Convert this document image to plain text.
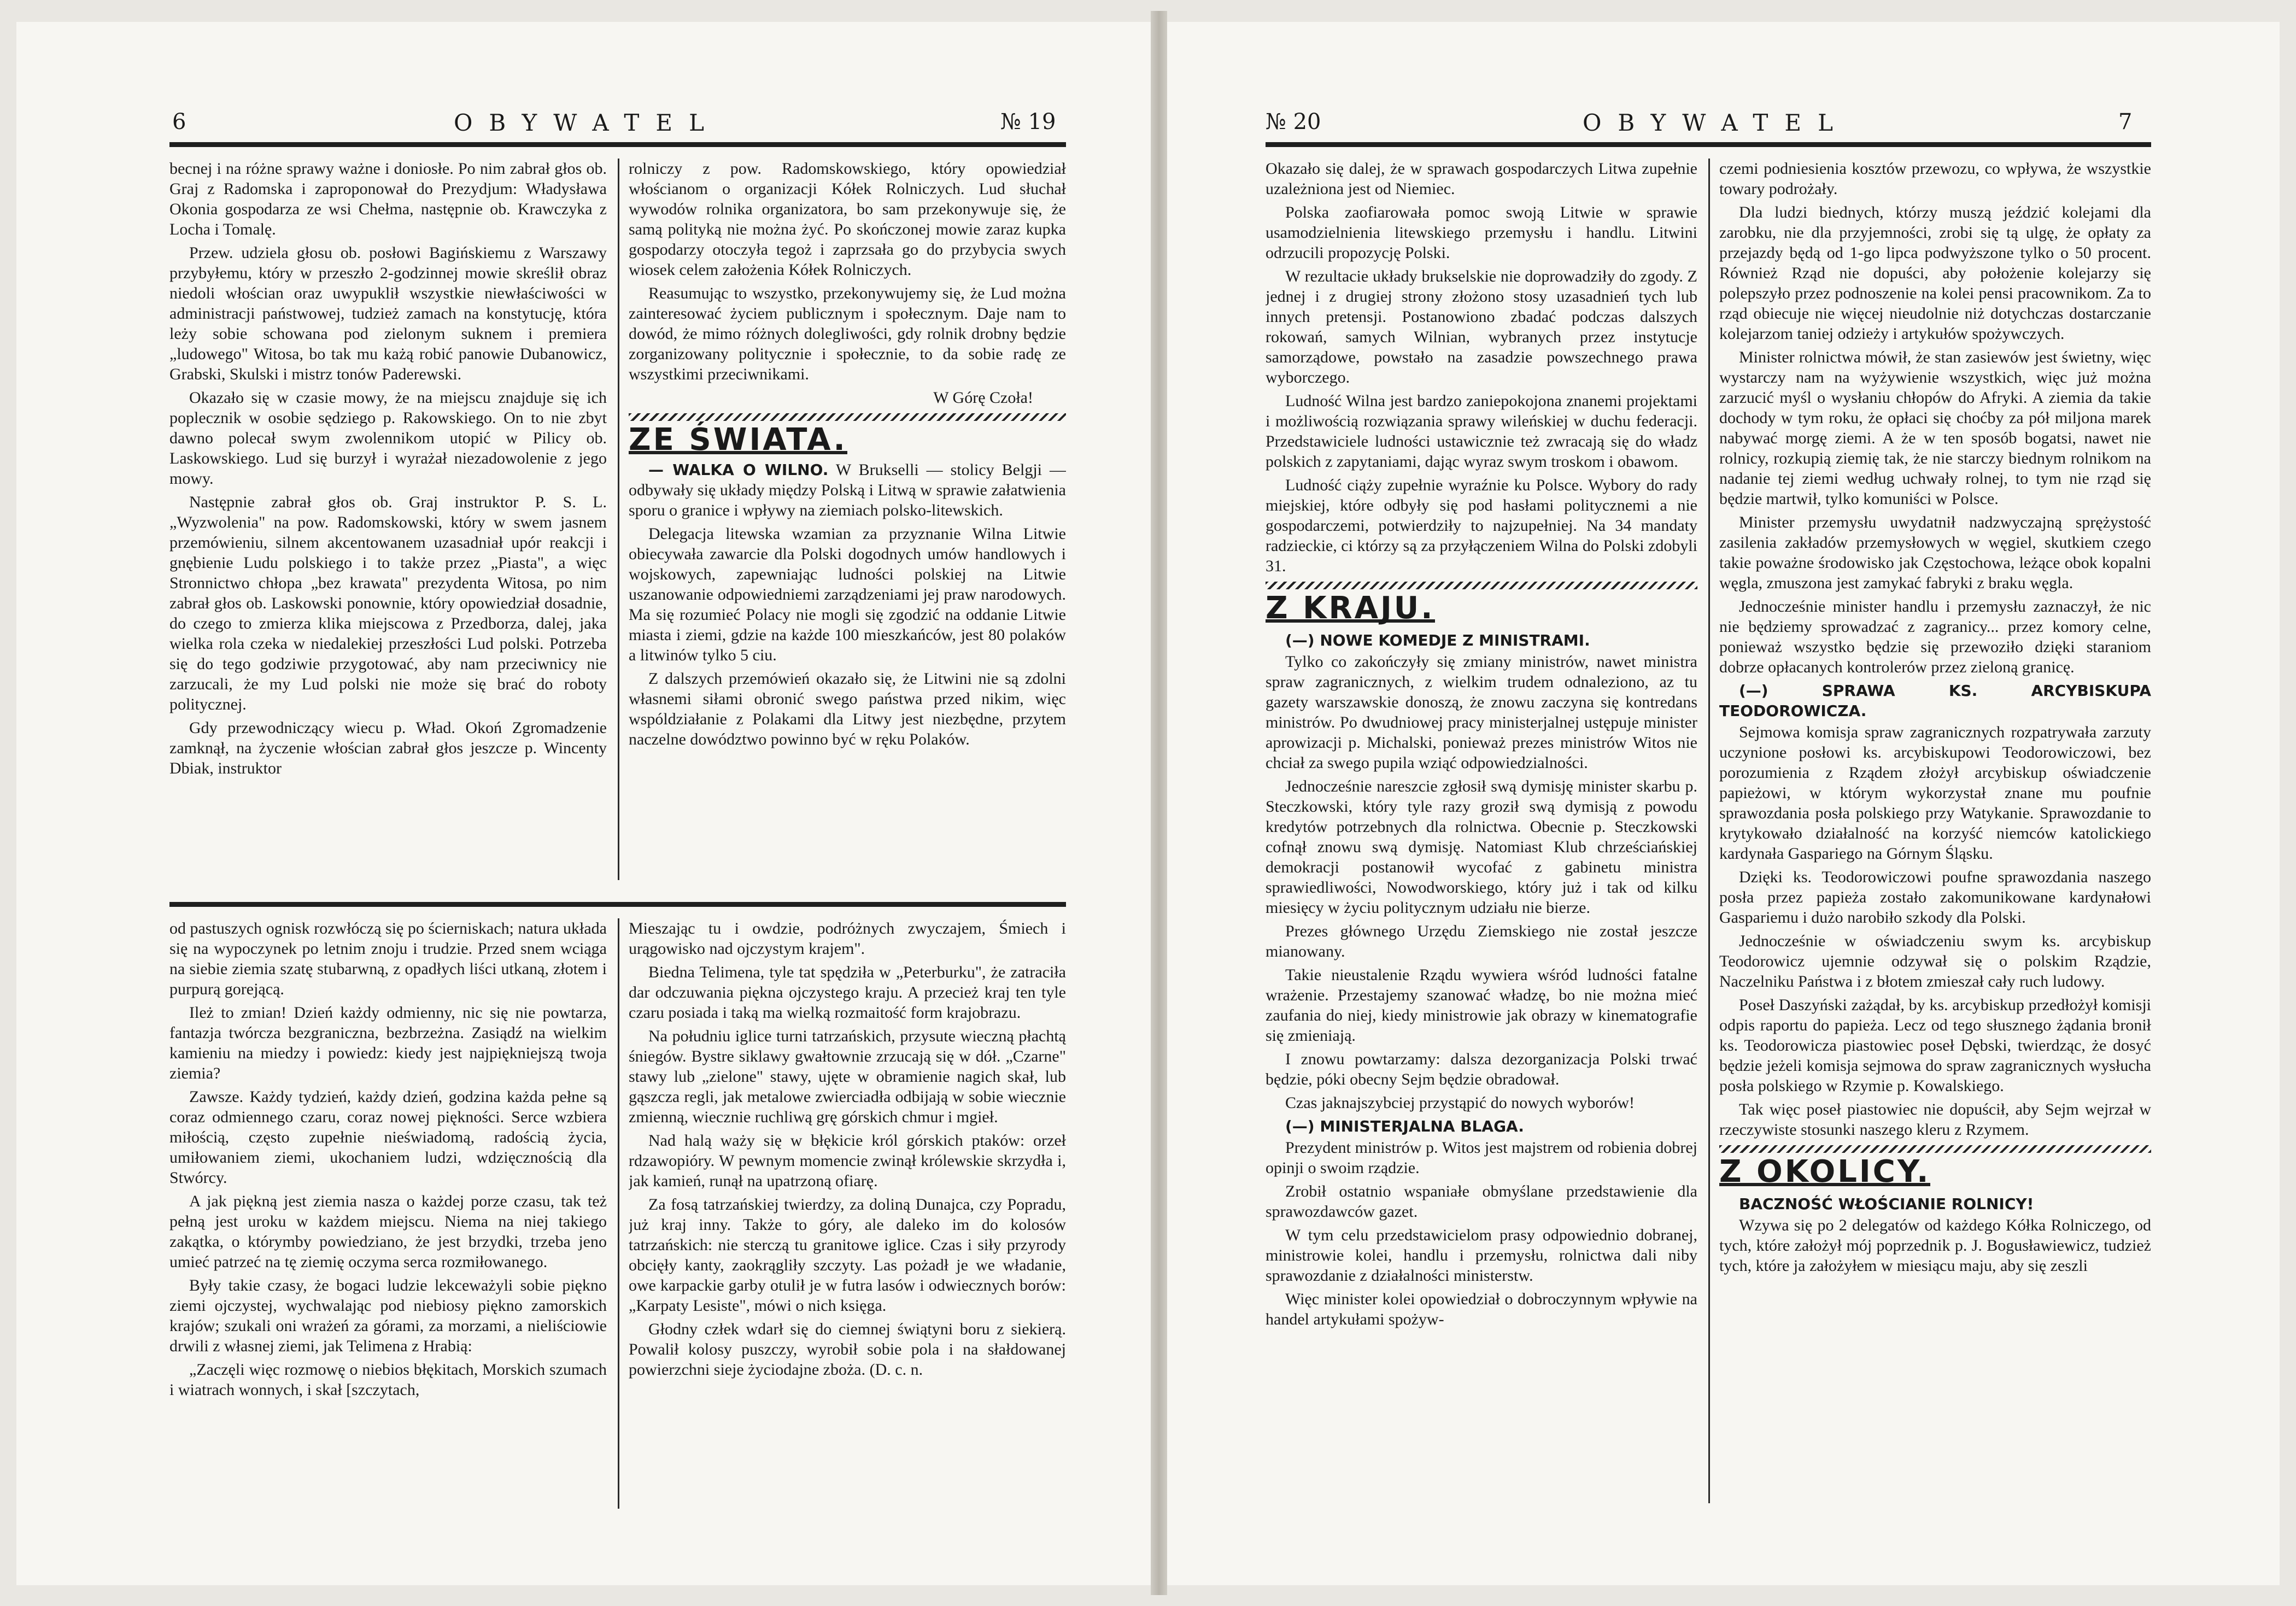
6	OBYWATEL	№ 19

becnej i na różne sprawy ważne i doniosłe. Po nim zabrał głos ob. Graj z Radomska i zaproponował do Prezydjum: Władysława Okonia gospodarza ze wsi Chełma, następnie ob. Krawczyka z Locha i Tomalę.

Przew. udziela głosu ob. posłowi Bagińskiemu z Warszawy przybyłemu, który w przeszło 2-godzinnej mowie skreślił obraz niedoli włościan oraz uwypuklił wszystkie niewłaściwości w administracji państwowej, tudzież zamach na konstytucję, która leży sobie schowana pod zielonym suknem i premiera „ludowego" Witosa, bo tak mu każą robić panowie Dubanowicz, Grabski, Skulski i mistrz tonów Paderewski.

Okazało się w czasie mowy, że na miejscu znajduje się ich poplecznik w osobie sędziego p. Rakowskiego. On to nie zbyt dawno polecał swym zwolennikom utopić w Pilicy ob. Laskowskiego. Lud się burzył i wyrażał niezadowolenie z jego mowy.

Następnie zabrał głos ob. Graj instruktor P. S. L. „Wyzwolenia" na pow. Radomskowski, który w swem jasnem przemówieniu, silnem akcentowanem uzasadniał upór reakcji i gnębienie Ludu polskiego i to także przez „Piasta", a więc Stronnictwo chłopa „bez krawata" prezydenta Witosa, po nim zabrał głos ob. Laskowski ponownie, który opowiedział dosadnie, do czego to zmierza klika miejscowa z Przedborza, dalej, jaka wielka rola czeka w niedalekiej przeszłości Lud polski. Potrzeba się do tego godziwie przygotować, aby nam przeciwnicy nie zarzucali, że my Lud polski nie może się brać do roboty politycznej.

Gdy przewodniczący wiecu p. Wład. Okoń Zgromadzenie zamknął, na życzenie włościan zabrał głos jeszcze p. Wincenty Dbiak, instruktor

rolniczy z pow. Radomskowskiego, który opowiedział włościanom o organizacji Kółek Rolniczych. Lud słuchał wywodów rolnika organizatora, bo sam przekonywuje się, że samą polityką nie można żyć. Po skończonej mowie zaraz kupka gospodarzy otoczyła tegoż i zaprzsała go do przybycia swych wiosek celem założenia Kółek Rolniczych.

Reasumując to wszystko, przekonywujemy się, że Lud można zainteresować życiem publicznym i społecznym. Daje nam to dowód, że mimo różnych dolegliwości, gdy rolnik drobny będzie zorganizowany politycznie i społecznie, to da sobie radę ze wszystkimi przeciwnikami.

W Górę Czoła!

ZE ŚWIATA.

— WALKA O WILNO. W Brukselli — stolicy Belgji — odbywały się układy między Polską i Litwą w sprawie załatwienia sporu o granice i wpływy na ziemiach polsko-litewskich.

Delegacja litewska wzamian za przyznanie Wilna Litwie obiecywała zawarcie dla Polski dogodnych umów handlowych i wojskowych, zapewniając ludności polskiej na Litwie uszanowanie odpowiedniemi zarządzeniami jej praw narodowych. Ma się rozumieć Polacy nie mogli się zgodzić na oddanie Litwie miasta i ziemi, gdzie na każde 100 mieszkańców, jest 80 polaków a litwinów tylko 5 ciu.

Z dalszych przemówień okazało się, że Litwini nie są zdolni własnemi siłami obronić swego państwa przed nikim, więc wspóldziałanie z Polakami dla Litwy jest niezbędne, przytem naczelne dowództwo powinno być w ręku Polaków.

od pastuszych ognisk rozwłóczą się po ścierniskach; natura układa się na wypoczynek po letnim znoju i trudzie. Przed snem wciąga na siebie ziemia szatę stubarwną, z opadłych liści utkaną, złotem i purpurą gorejącą.

Ileż to zmian! Dzień każdy odmienny, nic się nie powtarza, fantazja twórcza bezgraniczna, bezbrzeżna. Zasiądź na wielkim kamieniu na miedzy i powiedz: kiedy jest najpiękniejszą twoja ziemia?

Zawsze. Każdy tydzień, każdy dzień, godzina każda pełne są coraz odmiennego czaru, coraz nowej piękności. Serce wzbiera miłością, często zupełnie nieświadomą, radością życia, umiłowaniem ziemi, ukochaniem ludzi, wdzięcznością dla Stwórcy.

A jak piękną jest ziemia nasza o każdej porze czasu, tak też pełną jest uroku w każdem miejscu. Niema na niej takiego zakątka, o którymby powiedziano, że jest brzydki, trzeba jeno umieć patrzeć na tę ziemię oczyma serca rozmiłowanego.

Były takie czasy, że bogaci ludzie lekceważyli sobie piękno ziemi ojczystej, wychwalając pod niebiosy piękno zamorskich krajów; szukali oni wrażeń za górami, za morzami, a nieliściowie drwili z własnej ziemi, jak Telimena z Hrabią:

„Zaczęli więc rozmowę o niebios błękitach, Morskich szumach i wiatrach wonnych, i skał [szczytach,

Mieszając tu i owdzie, podróżnych zwyczajem, Śmiech i urągowisko nad ojczystym krajem".

Biedna Telimena, tyle tat spędziła w „Peterburku", że zatraciła dar odczuwania piękna ojczystego kraju. A przecież kraj ten tyle czaru posiada i taką ma wielką rozmaitość form krajobrazu.

Na południu iglice turni tatrzańskich, przysute wieczną płachtą śniegów. Bystre siklawy gwałtownie zrzucają się w dół. „Czarne" stawy lub „zielone" stawy, ujęte w obramienie nagich skał, lub gąszcza regli, jak metalowe zwierciadła odbijają w sobie wiecznie zmienną, wiecznie ruchliwą grę górskich chmur i mgieł.

Nad halą waży się w błękicie król górskich ptaków: orzeł rdzawopióry. W pewnym momencie zwinął królewskie skrzydła i, jak kamień, runął na upatrzoną ofiarę.

Za fosą tatrzańskiej twierdzy, za doliną Dunajca, czy Popradu, już kraj inny. Także to góry, ale daleko im do kolosów tatrzańskich: nie sterczą tu granitowe iglice. Czas i siły przyrody obcięły kanty, zaokrągliły szczyty. Las pożadł je we władanie, owe karpackie garby otulił je w futra lasów i odwiecznych borów: „Karpaty Lesiste", mówi o nich księga.

Głodny człek wdarł się do ciemnej świątyni boru z siekierą. Powalił kolosy puszczy, wyrobił sobie pola i na słałdowanej powierzchni sieje życiodajne zboża. (D. c. n.

№ 20	OBYWATEL	7

Okazało się dalej, że w sprawach gospodarczych Litwa zupełnie uzależniona jest od Niemiec.

Polska zaofiarowała pomoc swoją Litwie w sprawie usamodzielnienia litewskiego przemysłu i handlu. Litwini odrzucili propozycję Polski.

W rezultacie układy brukselskie nie doprowadziły do zgody. Z jednej i z drugiej strony złożono stosy uzasadnień tych lub innych pretensji. Postanowiono zbadać podczas dalszych rokowań, samych Wilnian, wybranych przez instytucje samorządowe, powstało na zasadzie powszechnego prawa wyborczego.

Ludność Wilna jest bardzo zaniepokojona znanemi projektami i możliwością rozwiązania sprawy wileńskiej w duchu federacji. Przedstawiciele ludności ustawicznie też zwracają się do władz polskich z zapytaniami, dając wyraz swym troskom i obawom.

Ludność ciąży zupełnie wyraźnie ku Polsce. Wybory do rady miejskiej, które odbyły się pod hasłami politycznemi a nie gospodarczemi, potwierdziły to najzupełniej. Na 34 mandaty radzieckie, ci którzy są za przyłączeniem Wilna do Polski zdobyli 31.

Z KRAJU.
(—) NOWE KOMEDJE Z MINISTRAMI.

Tylko co zakończyły się zmiany ministrów, nawet ministra spraw zagranicznych, z wielkim trudem odnaleziono, az tu gazety warszawskie donoszą, że znowu zaczyna się kontredans ministrów. Po dwudniowej pracy ministerjalnej ustępuje minister aprowizacji p. Michalski, ponieważ prezes ministrów Witos nie chciał za swego pupila wziąć odpowiedzialności.

Jednocześnie nareszcie zgłosił swą dymisję minister skarbu p. Steczkowski, który tyle razy groził swą dymisją z powodu kredytów potrzebnych dla rolnictwa. Obecnie p. Steczkowski cofnął znowu swą dymisję. Natomiast Klub chrześciańskiej demokracji postanowił wycofać z gabinetu ministra sprawiedliwości, Nowodworskiego, który już i tak od kilku miesięcy w życiu politycznym udziału nie bierze.

Prezes głównego Urzędu Ziemskiego nie został jeszcze mianowany.

Takie nieustalenie Rządu wywiera wśród ludności fatalne wrażenie. Przestajemy szanować władzę, bo nie można mieć zaufania do niej, kiedy ministrowie jak obrazy w kinematografie się zmieniają.

I znowu powtarzamy: dalsza dezorganizacja Polski trwać będzie, póki obecny Sejm będzie obradował.

Czas jaknajszybciej przystąpić do nowych wyborów!

(—) MINISTERJALNA BLAGA.

Prezydent ministrów p. Witos jest majstrem od robienia dobrej opinji o swoim rządzie.

Zrobił ostatnio wspaniałe obmyślane przedstawienie dla sprawozdawców gazet.

W tym celu przedstawicielom prasy odpowiednio dobranej, ministrowie kolei, handlu i przemysłu, rolnictwa dali niby sprawozdanie z działalności ministerstw.

Więc minister kolei opowiedział o dobroczynnym wpływie na handel artykułami spożyw-

czemi podniesienia kosztów przewozu, co wpływa, że wszystkie towary podrożały.

Dla ludzi biednych, którzy muszą jeździć kolejami dla zarobku, nie dla przyjemności, zrobi się tą ulgę, że opłaty za przejazdy będą od 1-go lipca podwyższone tylko o 50 procent. Również Rząd nie dopuści, aby położenie kolejarzy się polepszyło przez podnoszenie na kolei pensi pracownikom. Za to rząd obiecuje nie więcej nieudolnie niż dotychczas dostarczanie kolejarzom taniej odzieży i artykułów spożywczych.

Minister rolnictwa mówił, że stan zasiewów jest świetny, więc wystarczy nam na wyżywienie wszystkich, więc już można zarzucić myśl o wysłaniu chłopów do Afryki. A ziemia da takie dochody w tym roku, że opłaci się choćby za pół miljona marek nabywać morgę ziemi. A że w ten sposób bogatsi, nawet nie rolnicy, rozkupią ziemię tak, że nie starczy biednym rolnikom na nadanie tej ziemi według uchwały rolnej, to tym nie rząd się będzie martwił, tylko komuniści w Polsce.

Minister przemysłu uwydatnił nadzwyczajną sprężystość zasilenia zakładów przemysłowych w węgiel, skutkiem czego takie poważne środowisko jak Częstochowa, leżące obok kopalni węgla, zmuszona jest zamykać fabryki z braku węgla.

Jednocześnie minister handlu i przemysłu zaznaczył, że nic nie będziemy sprowadzać z zagranicy... przez komory celne, ponieważ wszystko będzie się przewoziło dzięki staraniom dobrze opłacanych kontrolerów przez zieloną granicę.

(—) SPRAWA KS. ARCYBISKUPA TEODOROWICZA.

Sejmowa komisja spraw zagranicznych rozpatrywała zarzuty uczynione posłowi ks. arcybiskupowi Teodorowiczowi, bez porozumienia z Rządem złożył arcybiskup oświadczenie papieżowi, w którym wykorzystał znane mu poufnie sprawozdania posła polskiego przy Watykanie. Sprawozdanie to krytykowało działalność na korzyść niemców katolickiego kardynała Gaspariego na Górnym Śląsku.

Dzięki ks. Teodorowiczowi poufne sprawozdania naszego posła przez papieża zostało zakomunikowane kardynałowi Gaspariemu i dużo narobiło szkody dla Polski.

Jednocześnie w oświadczeniu swym ks. arcybiskup Teodorowicz ujemnie odzywał się o polskim Rządzie, Naczelniku Państwa i z błotem zmieszał cały ruch ludowy.

Poseł Daszyński zażądał, by ks. arcybiskup przedłożył komisji odpis raportu do papieża. Lecz od tego słusznego żądania bronił ks. Teodorowicza piastowiec poseł Dębski, twierdząc, że dosyć będzie jeżeli komisja sejmowa do spraw zagranicznych wysłucha posła polskiego w Rzymie p. Kowalskiego.

Tak więc poseł piastowiec nie dopuścił, aby Sejm wejrzał w rzeczywiste stosunki naszego kleru z Rzymem.

Z OKOLICY.
BACZNOŚĆ WŁOŚCIANIE ROLNICY!

Wzywa się po 2 delegatów od każdego Kółka Rolniczego, od tych, które założył mój poprzednik p. J. Bogusławiewicz, tudzież tych, które ja założyłem w miesiącu maju, aby się zeszli
